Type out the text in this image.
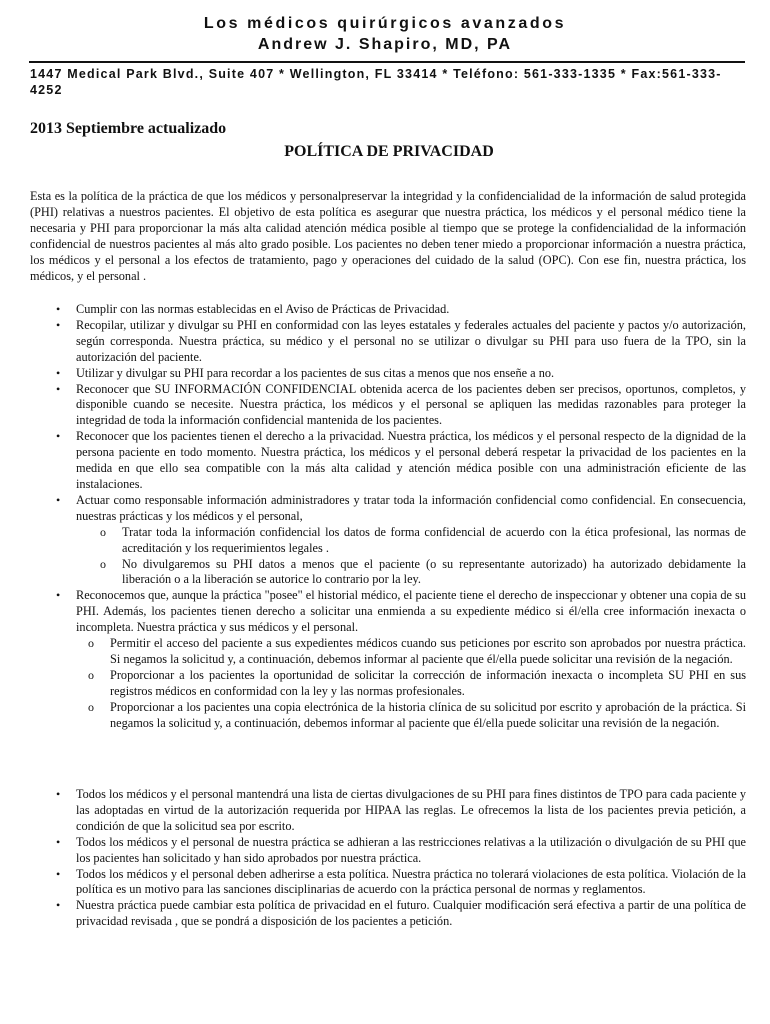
Los médicos quirúrgicos avanzados

Andrew J. Shapiro, MD, PA

1447 Medical Park Blvd., Suite 407 * Wellington, FL 33414 * Teléfono: 561-333-1335 * Fax:561-333-4252

2013 Septiembre actualizado

POLÍTICA DE PRIVACIDAD

Esta es la política de la práctica de que los médicos y personalpreservar la integridad y la confidencialidad de la información de salud protegida (PHI) relativas a nuestros pacientes. El objetivo de esta política es asegurar que nuestra práctica, los médicos y el personal médico tiene la necesaria y PHI para proporcionar la más alta calidad atención médica posible al tiempo que se protege la confidencialidad de la información confidencial de nuestros pacientes al más alto grado posible. Los pacientes no deben tener miedo a proporcionar información a nuestra práctica, los médicos y el personal a los efectos de tratamiento, pago y operaciones del cuidado de la salud (OPC). Con ese fin, nuestra práctica, los médicos, y el personal .

• Cumplir con las normas establecidas en el Aviso de Prácticas de Privacidad.
• Recopilar, utilizar y divulgar su PHI en conformidad con las leyes estatales y federales actuales del paciente y pactos y/o autorización, según corresponda. Nuestra práctica, su médico y el personal no se utilizar o divulgar su PHI para uso fuera de la TPO, sin la autorización del paciente.
• Utilizar y divulgar su PHI para recordar a los pacientes de sus citas a menos que nos enseñe a no.
• Reconocer que SU INFORMACIÓN CONFIDENCIAL obtenida acerca de los pacientes deben ser precisos, oportunos, completos, y disponible cuando se necesite. Nuestra práctica, los médicos y el personal se apliquen las medidas razonables para proteger la integridad de toda la información confidencial mantenida de los pacientes.
• Reconocer que los pacientes tienen el derecho a la privacidad. Nuestra práctica, los médicos y el personal respecto de la dignidad de la persona paciente en todo momento. Nuestra práctica, los médicos y el personal deberá respetar la privacidad de los pacientes en la medida en que ello sea compatible con la más alta calidad y atención médica posible con una administración eficiente de las instalaciones.
• Actuar como responsable información administradores y tratar toda la información confidencial como confidencial. En consecuencia, nuestras prácticas y los médicos y el personal,
o Tratar toda la información confidencial los datos de forma confidencial de acuerdo con la ética profesional, las normas de acreditación y los requerimientos legales .
o No divulgaremos su PHI datos a menos que el paciente (o su representante autorizado) ha autorizado debidamente la liberación o a la liberación se autorice lo contrario por la ley.
• Reconocemos que, aunque la práctica "posee" el historial médico, el paciente tiene el derecho de inspeccionar y obtener una copia de su PHI. Además, los pacientes tienen derecho a solicitar una enmienda a su expediente médico si él/ella cree información inexacta o incompleta. Nuestra práctica y sus médicos y el personal.
o Permitir el acceso del paciente a sus expedientes médicos cuando sus peticiones por escrito son aprobados por nuestra práctica. Si negamos la solicitud y, a continuación, debemos informar al paciente que él/ella puede solicitar una revisión de la negación.
o Proporcionar a los pacientes la oportunidad de solicitar la corrección de información inexacta o incompleta SU PHI en sus registros médicos en conformidad con la ley y las normas profesionales.
o Proporcionar a los pacientes una copia electrónica de la historia clínica de su solicitud por escrito y aprobación de la práctica. Si negamos la solicitud y, a continuación, debemos informar al paciente que él/ella puede solicitar una revisión de la negación.
• Todos los médicos y el personal mantendrá una lista de ciertas divulgaciones de su PHI para fines distintos de TPO para cada paciente y las adoptadas en virtud de la autorización requerida por HIPAA las reglas. Le ofrecemos la lista de los pacientes previa petición, a condición de que la solicitud sea por escrito.
• Todos los médicos y el personal de nuestra práctica se adhieran a las restricciones relativas a la utilización o divulgación de su PHI que los pacientes han solicitado y han sido aprobados por nuestra práctica.
• Todos los médicos y el personal deben adherirse a esta política. Nuestra práctica no tolerará violaciones de esta política. Violación de la política es un motivo para las sanciones disciplinarias de acuerdo con la práctica personal de normas y reglamentos.
• Nuestra práctica puede cambiar esta política de privacidad en el futuro. Cualquier modificación será efectiva a partir de una política de privacidad revisada , que se pondrá a disposición de los pacientes a petición.
